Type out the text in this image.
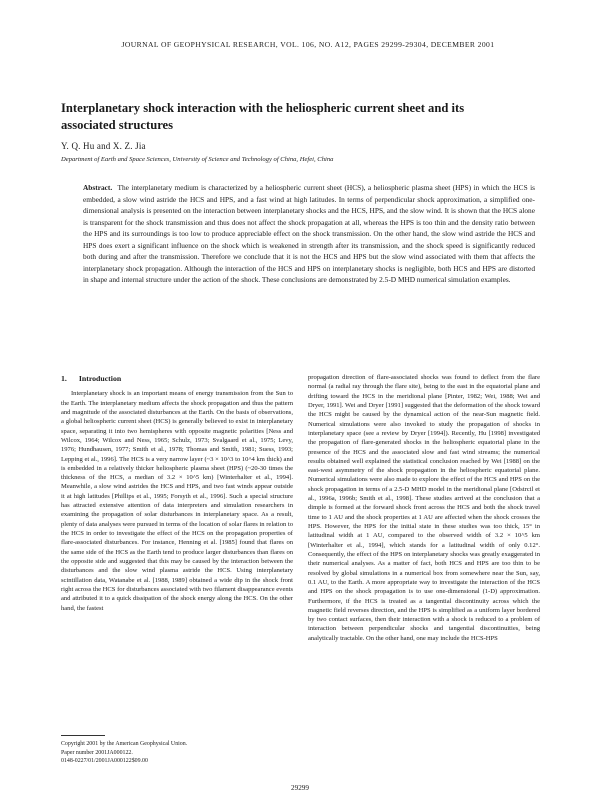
JOURNAL OF GEOPHYSICAL RESEARCH, VOL. 106, NO. A12, PAGES 29299-29304, DECEMBER 2001
Interplanetary shock interaction with the heliospheric current sheet and its associated structures
Y. Q. Hu and X. Z. Jia
Department of Earth and Space Sciences, University of Science and Technology of China, Hefei, China
Abstract. The interplanetary medium is characterized by a heliospheric current sheet (HCS), a heliospheric plasma sheet (HPS) in which the HCS is embedded, a slow wind astride the HCS and HPS, and a fast wind at high latitudes. In terms of perpendicular shock approximation, a simplified one-dimensional analysis is presented on the interaction between interplanetary shocks and the HCS, HPS, and the slow wind. It is shown that the HCS alone is transparent for the shock transmission and thus does not affect the shock propagation at all, whereas the HPS is too thin and the density ratio between the HPS and its surroundings is too low to produce appreciable effect on the shock transmission. On the other hand, the slow wind astride the HCS and HPS does exert a significant influence on the shock which is weakened in strength after its transmission, and the shock speed is significantly reduced both during and after the transmission. Therefore we conclude that it is not the HCS and HPS but the slow wind associated with them that affects the interplanetary shock propagation. Although the interaction of the HCS and HPS on interplanetary shocks is negligible, both HCS and HPS are distorted in shape and internal structure under the action of the shock. These conclusions are demonstrated by 2.5-D MHD numerical simulation examples.
1. Introduction

Interplanetary shock is an important means of energy transmission from the Sun to the Earth. The interplanetary medium affects the shock propagation and thus the pattern and magnitude of the associated disturbances at the Earth. On the basis of observations, a global heliospheric current sheet (HCS) is generally believed to exist in interplanetary space, separating it into two hemispheres with opposite magnetic polarities [Ness and Wilcox, 1964; Wilcox and Ness, 1965; Schulz, 1973; Svalgaard et al., 1975; Levy, 1976; Hundhausen, 1977; Smith et al., 1978; Thomas and Smith, 1981; Suess, 1993; Lepping et al., 1996]. The HCS is a very narrow layer (~3 × 10^3 to 10^4 km thick) and is embedded in a relatively thicker heliospheric plasma sheet (HPS) (~20-30 times the thickness of the HCS, a median of 3.2 × 10^5 km) [Winterhalter et al., 1994]. Meanwhile, a slow wind astrides the HCS and HPS, and two fast winds appear outside it at high latitudes [Phillips et al., 1995; Forsyth et al., 1996]. Such a special structure has attracted extensive attention of data interpreters and simulation researchers in examining the propagation of solar disturbances in interplanetary space. As a result, plenty of data analyses were pursued in terms of the location of solar flares in relation to the HCS in order to investigate the effect of the HCS on the propagation properties of flare-associated disturbances. For instance, Henning et al. [1985] found that flares on the same side of the HCS as the Earth tend to produce larger disturbances than flares on the opposite side and suggested that this may be caused by the interaction between the disturbances and the slow wind plasma astride the HCS. Using interplanetary scintillation data, Watanabe et al. [1988, 1989] obtained a wide dip in the shock front right across the HCS for disturbances associated with two filament disappearance events and attributed it to a quick dissipation of the shock energy along the HCS. On the other hand, the fastest

propagation direction of flare-associated shocks was found to deflect from the flare normal (a radial ray through the flare site), being to the east in the equatorial plane and drifting toward the HCS in the meridional plane [Pinter, 1982; Wei, 1988; Wei and Dryer, 1991]. Wei and Dryer [1991] suggested that the deformation of the shock toward the HCS might be caused by the dynamical action of the near-Sun magnetic field. Numerical simulations were also invoked to study the propagation of shocks in interplanetary space (see a review by Dryer [1994]). Recently, Hu [1998] investigated the propagation of flare-generated shocks in the heliospheric equatorial plane in the presence of the HCS and the associated slow and fast wind streams; the numerical results obtained well explained the statistical conclusion reached by Wei [1988] on the east-west asymmetry of the shock propagation in the heliospheric equatorial plane. Numerical simulations were also made to explore the effect of the HCS and HPS on the shock propagation in terms of a 2.5-D MHD model in the meridional plane [Odstrcil et al., 1996a, 1996b; Smith et al., 1998]. These studies arrived at the conclusion that a dimple is formed at the forward shock front across the HCS and both the shock travel time to 1 AU and the shock properties at 1 AU are affected when the shock crosses the HPS. However, the HPS for the initial state in these studies was too thick, 15° in latitudinal width at 1 AU, compared to the observed width of 3.2 × 10^5 km [Winterhalter et al., 1994], which stands for a latitudinal width of only 0.12°. Consequently, the effect of the HPS on interplanetary shocks was greatly exaggerated in their numerical analyses. As a matter of fact, both HCS and HPS are too thin to be resolved by global simulations in a numerical box from somewhere near the Sun, say, 0.1 AU, to the Earth. A more appropriate way to investigate the interaction of the HCS and HPS on the shock propagation is to use one-dimensional (1-D) approximation. Furthermore, if the HCS is treated as a tangential discontinuity across which the magnetic field reverses direction, and the HPS is simplified as a uniform layer bordered by two contact surfaces, then their interaction with a shock is reduced to a problem of interaction between perpendicular shocks and tangential discontinuities, being analytically tractable. On the other hand, one may include the HCS-HPS

Copyright 2001 by the American Geophysical Union.
Paper number 2001JA000122.
0148-0227/01/2001JA000122$09.00
29299
